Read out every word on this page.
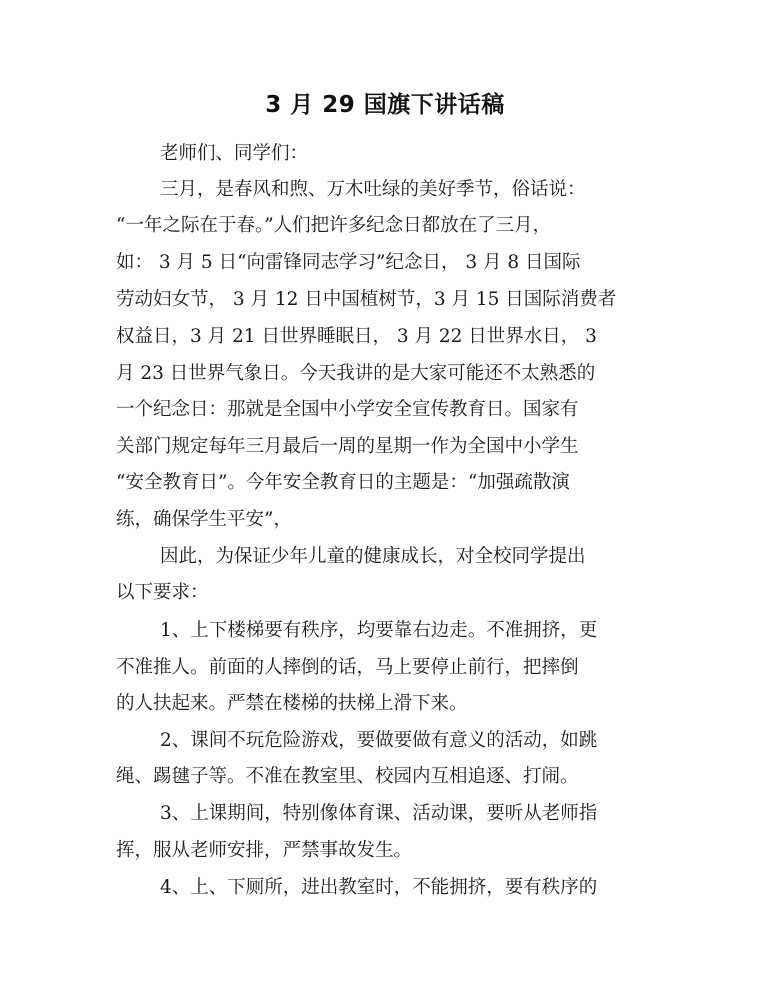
3 月 29 国旗下讲话稿
老师们、同学们：
三月，是春风和煦、万木吐绿的美好季节，俗话说：
“一年之际在于春。”人们把许多纪念日都放在了三月，
如： 3 月 5 日“向雷锋同志学习”纪念日， 3 月 8 日国际
劳动妇女节， 3 月 12 日中国植树节，3 月 15 日国际消费者
权益日，3 月 21 日世界睡眠日， 3 月 22 日世界水日， 3
月 23 日世界气象日。今天我讲的是大家可能还不太熟悉的
一个纪念日：那就是全国中小学安全宣传教育日。国家有
关部门规定每年三月最后一周的星期一作为全国中小学生
“安全教育日”。今年安全教育日的主题是：“加强疏散演
练，确保学生平安”，
因此，为保证少年儿童的健康成长，对全校同学提出
以下要求：
1、上下楼梯要有秩序，均要靠右边走。不准拥挤，更
不准推人。前面的人摔倒的话，马上要停止前行，把摔倒
的人扶起来。严禁在楼梯的扶梯上滑下来。
2、课间不玩危险游戏，要做要做有意义的活动，如跳
绳、踢毽子等。不准在教室里、校园内互相追逐、打闹。
3、上课期间，特别像体育课、活动课，要听从老师指
挥，服从老师安排，严禁事故发生。
4、上、下厕所，进出教室时，不能拥挤，要有秩序的
